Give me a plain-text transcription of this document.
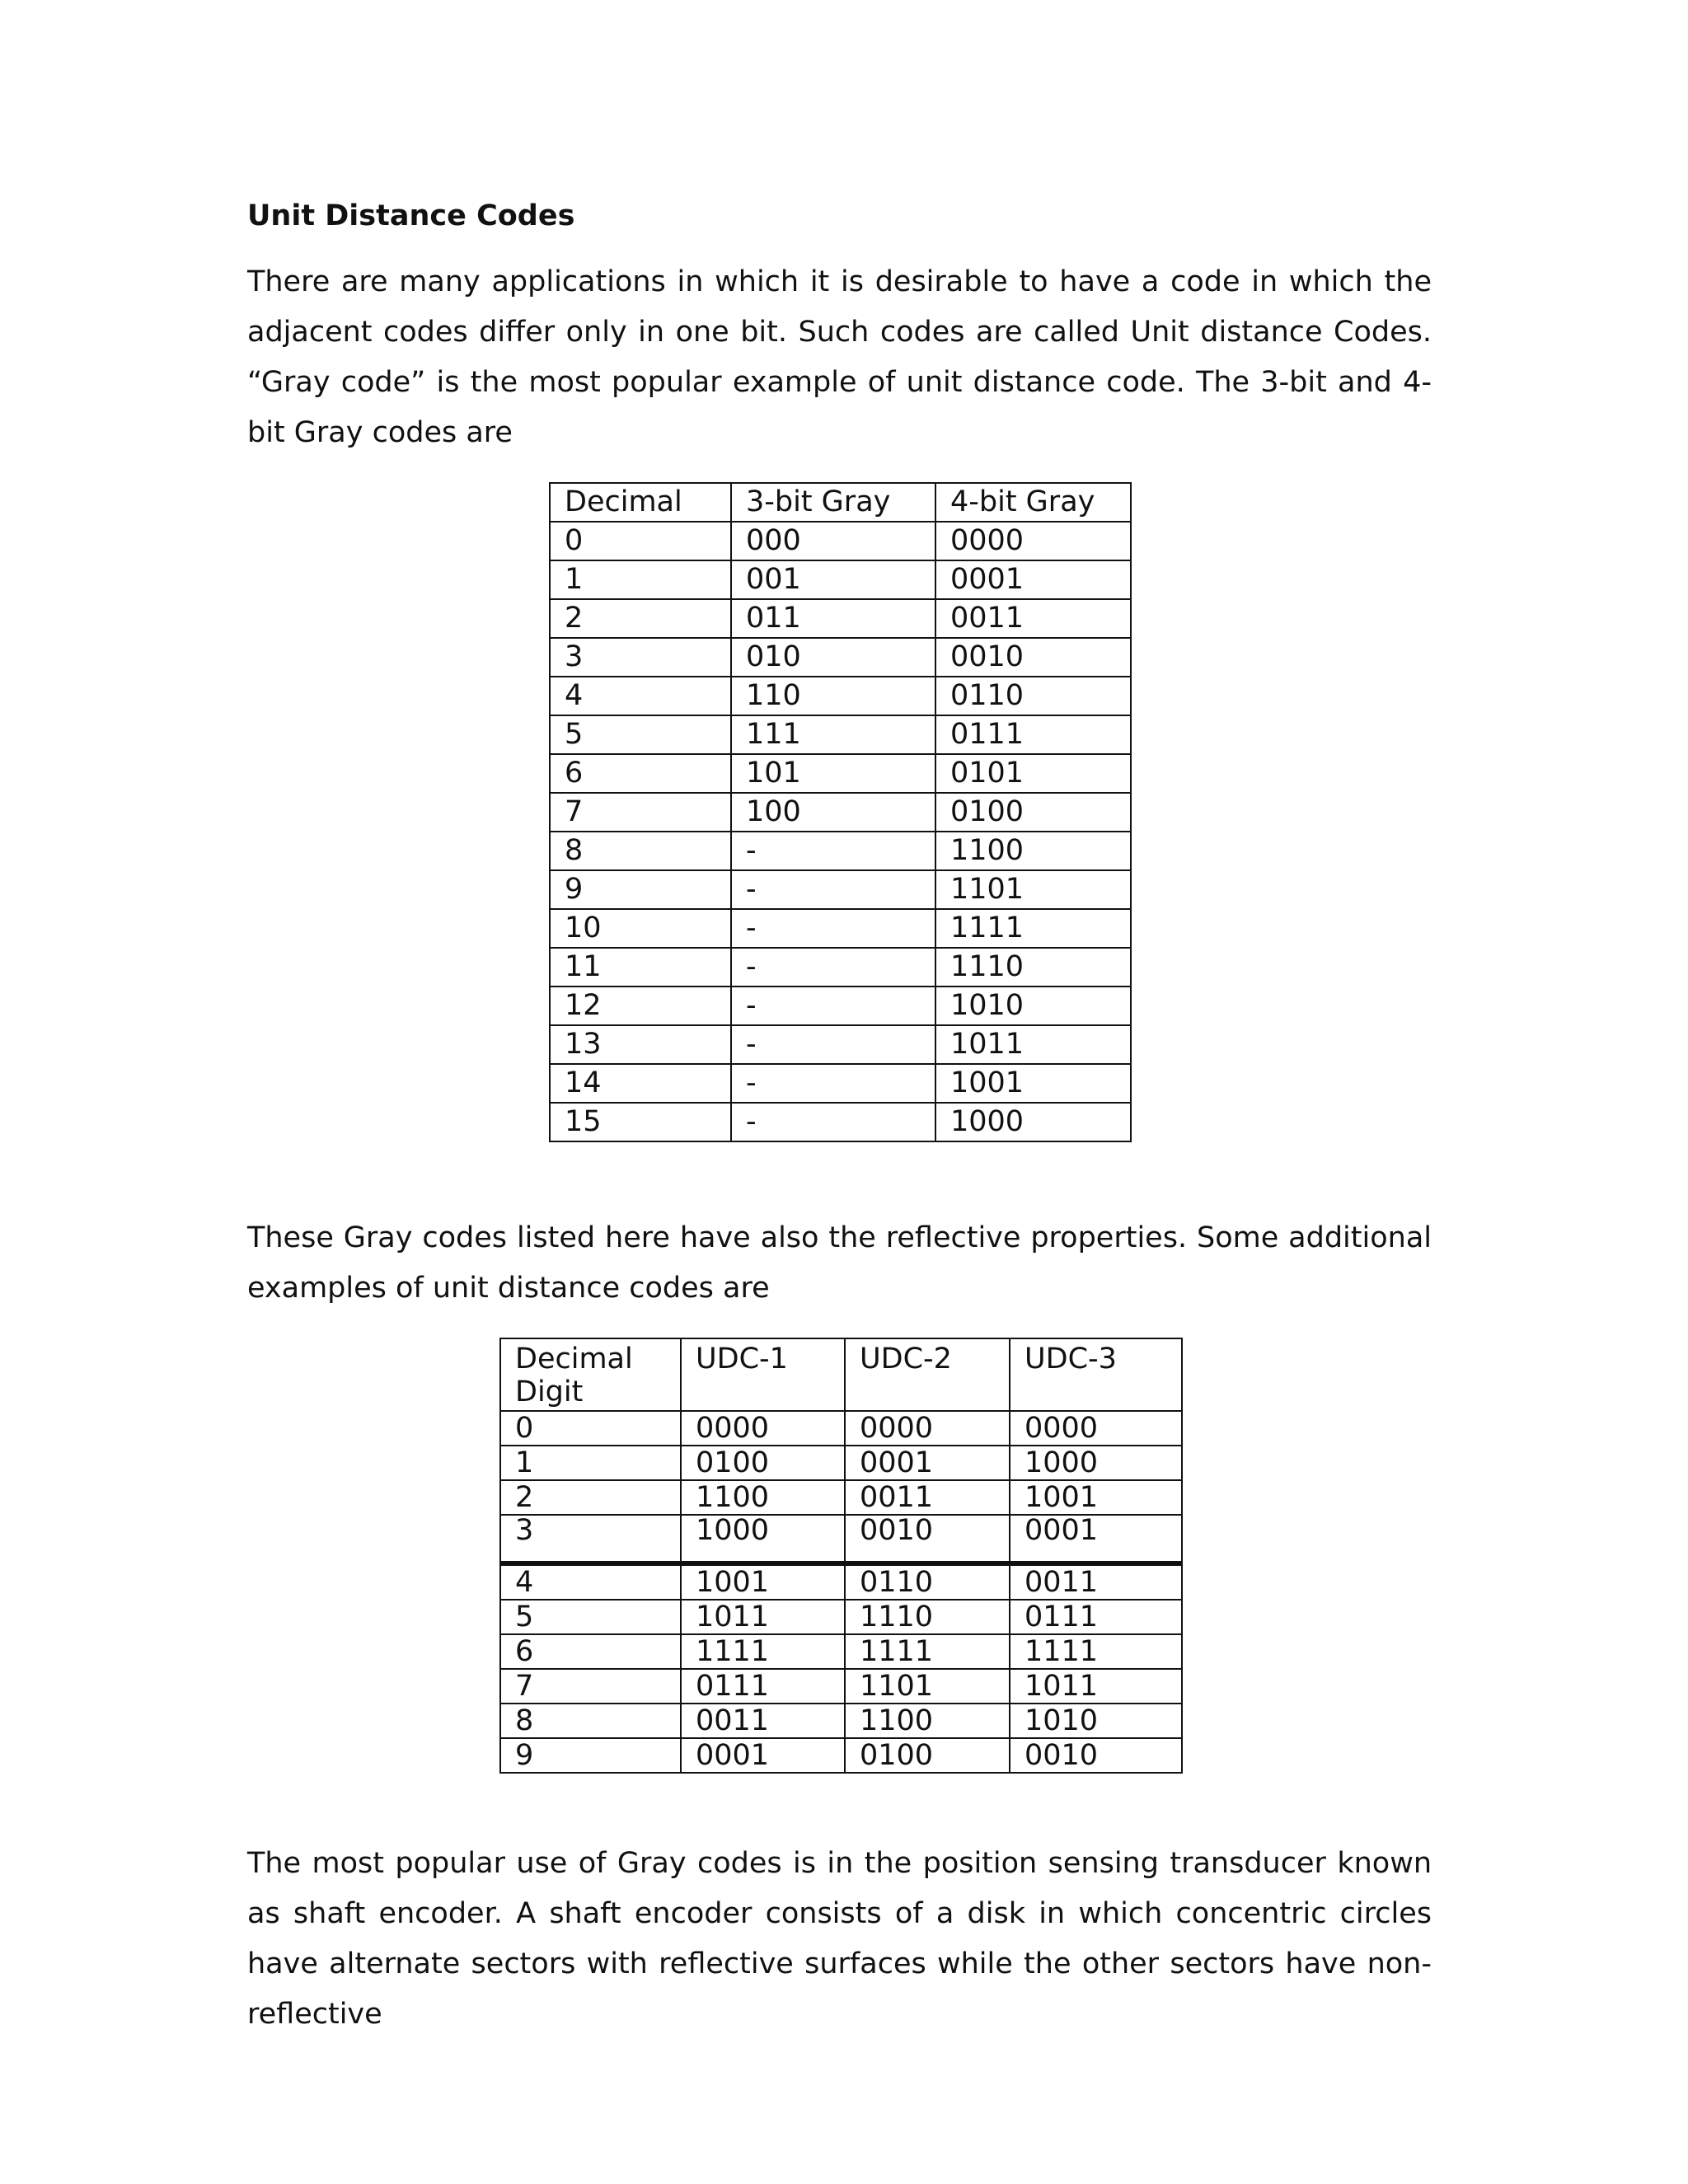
Unit Distance Codes

There are many applications in which it is desirable to have a code in which the adjacent codes differ only in one bit. Such codes are called Unit distance Codes. “Gray code” is the most popular example of unit distance code. The 3-bit and 4-bit Gray codes are

Decimal	3-bit Gray	4-bit Gray
0	000	0000
1	001	0001
2	011	0011
3	010	0010
4	110	0110
5	111	0111
6	101	0101
7	100	0100
8	-	1100
9	-	1101
10	-	1111
11	-	1110
12	-	1010
13	-	1011
14	-	1001
15	-	1000

These Gray codes listed here have also the reflective properties. Some additional examples of unit distance codes are

Decimal Digit	UDC-1	UDC-2	UDC-3
0	0000	0000	0000
1	0100	0001	1000
2	1100	0011	1001
3	1000	0010	0001
4	1001	0110	0011
5	1011	1110	0111
6	1111	1111	1111
7	0111	1101	1011
8	0011	1100	1010
9	0001	0100	0010

The most popular use of Gray codes is in the position sensing transducer known as shaft encoder. A shaft encoder consists of a disk in which concentric circles have alternate sectors with reflective surfaces while the other sectors have non-reflective
